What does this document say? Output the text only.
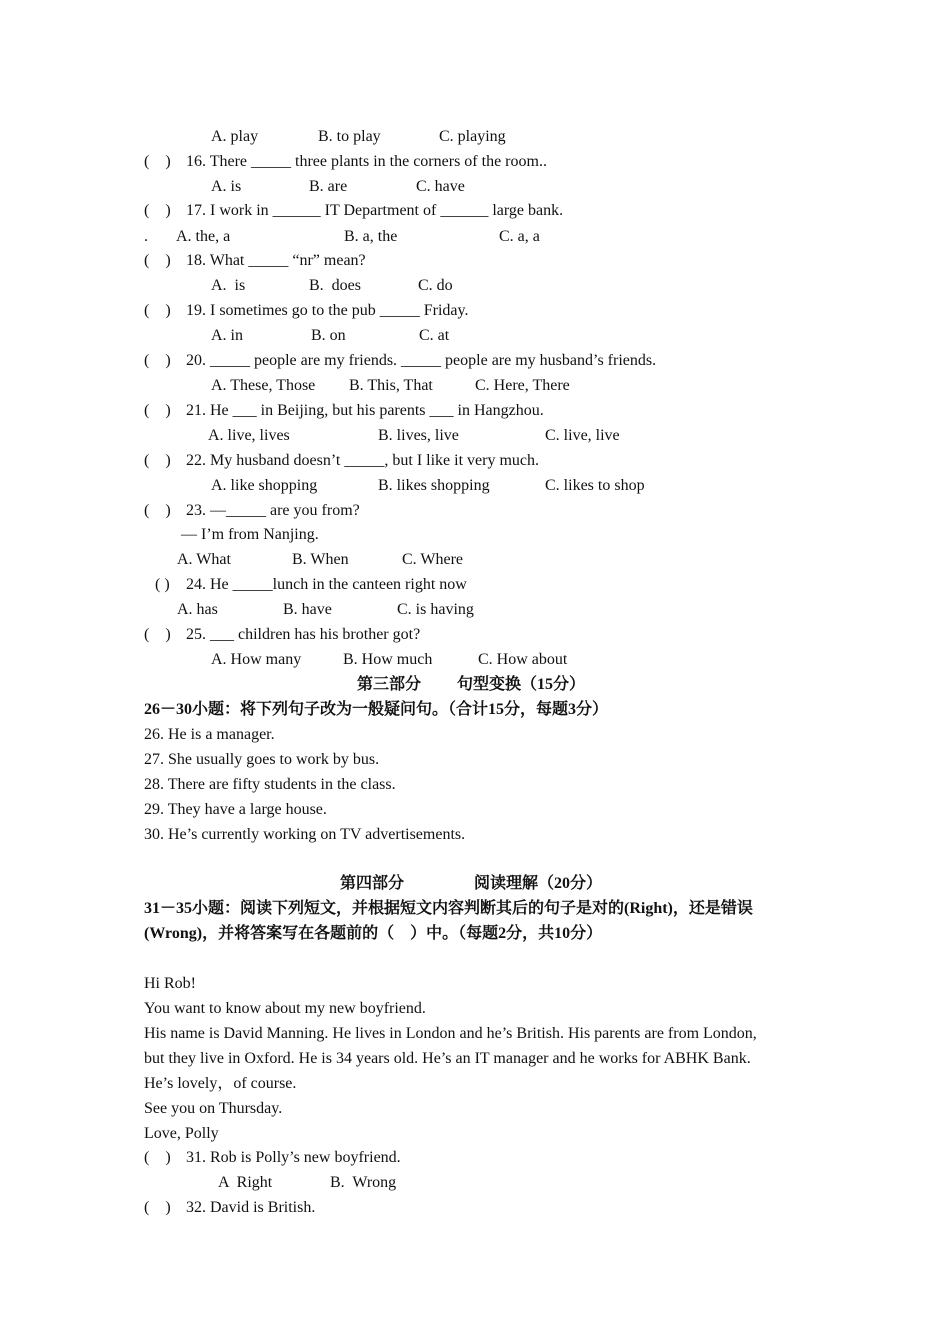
A. play

	B. to play

	C. playing

(　)

16. There _____ three plants in the corners of the room..

A. is

	B. are

	C. have

(　)

17. I work in ______ IT Department of ______ large bank.

.

A. the, a

	B. a, the

	C. a, a

(　)

18. What _____ “nr” mean?

A.  is

	B.  does

	C. do

(　)

19. I sometimes go to the pub _____ Friday.

A. in

	B. on

	C. at

(　)

20. _____ people are my friends. _____ people are my husband’s friends.

A. These, Those

B. This, That

	C. Here, There

(　)

21. He ___ in Beijing, but his parents ___ in Hangzhou.

A. live, lives

	B. lives, live

	C. live, live

(　)

22. My husband doesn’t _____, but I like it very much.

A. like shopping

	B. likes shopping

	C. likes to shop

(　)

23. —_____ are you from?

— I’m from Nanjing.

A. What

	B. When

	C. Where

( )

24. He _____lunch in the canteen right now

A. has

	B. have

	C. is having

(　)

25. ___ children has his brother got?

A. How many

	B. How much

	C. How about

第三部分

句型变换（15分）

26－30小题：将下列句子改为一般疑问句。（合计15分，每题3分）

26. He is a manager.

27. She usually goes to work by bus.

28. There are fifty students in the class.

29. They have a large house.

30. He’s currently working on TV advertisements.

第四部分

	阅读理解（20分）

31－35小题：阅读下列短文，并根据短文内容判断其后的句子是对的(Right)，还是错误

(Wrong)，并将答案写在各题前的（　）中。（每题2分，共10分）

Hi Rob!

You want to know about my new boyfriend.

His name is David Manning. He lives in London and he’s British. His parents are from London,

but they live in Oxford. He is 34 years old. He’s an IT manager and he works for ABHK Bank.

He’s lovely，of course.

See you on Thursday.

Love, Polly

(　)

31. Rob is Polly’s new boyfriend.

A  Right

	B.  Wrong

(　)

32. David is British.
